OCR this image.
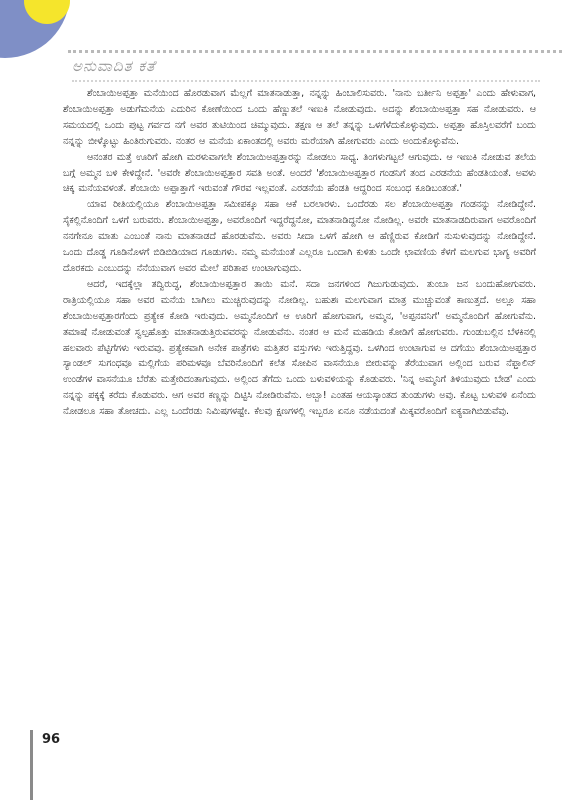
ಅನುವಾದಿತ ಕತೆ

ಶೆಂಬಾಯಿಅಪ್ಪತ್ತಾ ಮನೆಯಿಂದ ಹೊರಡುವಾಗ ಮೆಲ್ಲಗೆ ಮಾತನಾಡುತ್ತಾ, ನನ್ನನ್ನು ಹಿಂಬಾಲಿಸುವರು. 'ನಾನು ಬರ್ತೀನಿ ಅಪ್ಪತ್ತಾ' ಎಂದು ಹೇಳುವಾಗ, ಶೆಂಬಾಯಿಅಪ್ಪತ್ತಾ ಅಡುಗೆಮನೆಯ ಎದುರಿನ ಕೋಣೆಯಿಂದ ಒಂದು ಹೆಣ್ಣುತಲೆ ಇಣುಕಿ ನೋಡುವುದು. ಅದನ್ನು ಶೆಂಬಾಯಿಅಪ್ಪತ್ತಾ ಸಹ ನೋಡುವರು. ಆ ಸಮಯದಲ್ಲಿ ಒಂದು ಪುಟ್ಟ ಗರ್ವದ ನಗೆ ಅವರ ತುಟಿಯಿಂದ ಚಿಮ್ಮುವುದು. ತಕ್ಷಣ ಆ ತಲೆ ತನ್ನನ್ನು ಒಳಗೆಳೆದುಕೊಳ್ಳುವುದು. ಅಪ್ಪತ್ತಾ ಹೊಸ್ತಿಲವರೆಗೆ ಬಂದು ನನ್ನನ್ನು ಬೀಳ್ಕೊಟ್ಟು ಹಿಂತಿರುಗುವರು. ನಂತರ ಆ ಮನೆಯ ಏಕಾಂತದಲ್ಲಿ ಅವರು ಮರೆಯಾಗಿ ಹೋಗುವರು ಎಂದು ಅಂದುಕೊಳ್ಳುವೆನು.

ಆನಂತರ ಮತ್ತೆ ಊರಿಗೆ ಹೋಗಿ ಮರಳುವಾಗಲೇ ಶೆಂಬಾಯಿಅಪ್ಪತ್ತಾರನ್ನು ನೋಡಲು ಸಾಧ್ಯ. ತಿಂಗಳುಗಟ್ಟಲೆ ಆಗುವುದು. ಆ ಇಣುಕಿ ನೋಡುವ ತಲೆಯ ಬಗ್ಗೆ ಅಮ್ಮನ ಬಳಿ ಕೇಳಿದ್ದೇನೆ. 'ಅವರೇ ಶೆಂಬಾಯಿಅಪ್ಪತ್ತಾರ ಸವತಿ ಅಂತೆ. ಅಂದರೆ 'ಶೆಂಬಾಯಿಅಪ್ಪತ್ತಾರ ಗಂಡನಿಗೆ ತಂದ ಎರಡನೆಯ ಹೆಂಡತಿಯಂತೆ. ಅವಳು ಚಿಕ್ಕ ಮನೆಯವಳಂತೆ. ಶೆಂಬಾಯಿ ಅಪ್ಪಾತ್ತಾಗೆ ಇರುವಂತೆ ಗೌರವ ಇಲ್ಲವಂತೆ. ಎರಡನೆಯ ಹೆಂಡತಿ ಆದ್ದರಿಂದ ಸಂಬಂಧ ಕೂಡಿಬಂತಂತೆ.'

ಯಾವ ರೀತಿಯಲ್ಲಿಯೂ ಶೆಂಬಾಯಿಅಪ್ಪತ್ತಾ ಸಮೀಪಕ್ಕೂ ಸಹಾ ಆಕೆ ಬರಲಾರಳು. ಒಂದೆರಡು ಸಲ ಶೆಂಬಾಯಿಅಪ್ಪತ್ತಾ ಗಂಡನನ್ನು ನೋಡಿದ್ದೇನೆ. ಸೈಕಲ್ಲಿನೊಂದಿಗೆ ಒಳಗೆ ಬರುವರು. ಶೆಂಬಾಯಿಅಪ್ಪತ್ತಾ, ಅವರೊಂದಿಗೆ ಇದ್ದರೆದ್ದನೋ, ಮಾತನಾಡಿದ್ದನೋ ನೋಡಿಲ್ಲ. ಅವರೇ ಮಾತನಾಡದಿರುವಾಗ ಅವರೊಂದಿಗೆ ನನಗೇನೂ ಮಾತು ಎಂಬಂತೆ ನಾನು ಮಾತನಾಡದೆ ಹೊರಡುವೆನು. ಅವರು ಸೀದಾ ಒಳಗೆ ಹೋಗಿ ಆ ಹೆಣ್ಣಿರುವ ಕೋಡಿಗೆ ನುಸುಳುವುದನ್ನು ನೋಡಿದ್ದೇನೆ. ಒಂದು ದೊಡ್ಡ ಗೂಡಿನೊಳಗೆ ಬಿಡಿಬಿಡಿಯಾದ ಗೂಡುಗಳು. ನಮ್ಮ ಮನೆಯಂತೆ ಎಲ್ಲರೂ ಒಂದಾಗಿ ಕುಳಿತು ಒಂದೇ ಛಾವಣಿಯ ಕೆಳಗೆ ಮಲಗುವ ಭಾಗ್ಯ ಅವರಿಗೆ ದೊರಕದು ಎಂಬುದನ್ನು ನೆನೆಯುವಾಗ ಅವರ ಮೇಲೆ ಪರಿತಾಪ ಉಂಟಾಗುವುದು.

ಆದರೆ, ಇದಕ್ಕೆಲ್ಲಾ ತದ್ವಿರುದ್ಧ, ಶೆಂಬಾಯಿಅಪ್ಪತ್ತಾರ ತಾಯಿ ಮನೆ. ಸದಾ ಜನಗಳಿಂದ ಗಿಜುಗುಡುವುದು. ತುಂಬಾ ಜನ ಬಂದುಹೋಗುವರು. ರಾತ್ರಿಯಲ್ಲಿಯೂ ಸಹಾ ಅವರ ಮನೆಯ ಬಾಗಿಲು ಮುಚ್ಚಿರುವುದನ್ನು ನೋಡಿಲ್ಲ. ಬಹುಶಃ ಮಲಗುವಾಗ ಮಾತ್ರ ಮುಚ್ಚುವಂತೆ ಕಾಣುತ್ತದೆ. ಅಲ್ಲೂ ಸಹಾ ಶೆಂಬಾಯಿಅಪ್ಪತ್ತಾರಗೆಂದು ಪ್ರತ್ಯೇಕ ಕೋಡಿ ಇರುವುದು. ಅಮ್ಮನೊಂದಿಗೆ ಆ ಊರಿಗೆ ಹೋಗುವಾಗ, ಅಮ್ಮನ, 'ಅಪ್ಪನವನಿಗೆ' ಅಮ್ಮನೊಂದಿಗೆ ಹೋಗುವೆನು. ತಮಾಷೆ ನೋಡುವಂತೆ ಸ್ವಲ್ಪಹೊತ್ತು ಮಾತನಾಡುತ್ತಿರುವವರನ್ನು ನೋಡುವೆನು. ನಂತರ ಆ ಮನೆ ಮಹಡಿಯ ಕೋಡಿಗೆ ಹೋಗುವರು. ಗುಂಡುಬಲ್ಲಿನ ಬೆಳಕಿನಲ್ಲಿ ಹಲವಾರು ಪೆಟ್ಟಿಗೆಗಳು ಇರುವವು. ಪ್ರತ್ಯೇಕವಾಗಿ ಅನೇಕ ಪಾತ್ರೆಗಳು ಮತ್ತಿತರ ವಸ್ತುಗಳು ಇರುತ್ತಿದ್ದವು. ಒಳಗಿಂದ ಉಂಟಾಗುವ ಆ ದಗೆಯು ಶೆಂಬಾಯಿಅಪ್ಪತ್ತಾರ ಸ್ಯಾಂಡಲ್ ಸುಗಂಧವೂ ಮಲ್ಲಿಗೆಯ ಪರಿಮಳವೂ ಬೆವರಿನೊಂದಿಗೆ ಕಲೆತ ಸೋಪಿನ ವಾಸನೆಯೂ ಬೀರುವನ್ನು ತೆರೆಯುವಾಗ ಅಲ್ಲಿಂದ ಬರುವ ನೆಫ್ತಾಲಿನ್ ಉಂಡೆಗಳ ವಾಸನೆಯೂ ಬೆರೆತು ಮತ್ತೇರಿದಂತಾಗುವುದು. ಅಲ್ಲಿಂದ ತೆಗೆದು ಒಂದು ಬಳುವಳಿಯನ್ನು ಕೊಡುವರು. 'ನಿನ್ನ ಅಮ್ಮನಿಗೆ ತಿಳಿಯುವುದು ಬೇಡ' ಎಂದು ನನ್ನನ್ನು ಪಕ್ಕಕ್ಕೆ ಕರೆದು ಕೊಡುವರು. ಆಗ ಅವರ ಕಣ್ಣನ್ನು ದಿಟ್ಟಿಸಿ ನೋಡಿರುವೆನು. ಅಬ್ಬಾ! ಎಂತಹ ಆಯಸ್ಕಾಂತದ ತುಂಡುಗಳು ಅವು. ಕೊಟ್ಟ ಬಳುವಳಿ ಏನೆಂದು ನೋಡಲೂ ಸಹಾ ತೋಚದು. ಎಲ್ಲ ಒಂದೆರಡು ನಿಮಿಷಗಳಷ್ಟೇ. ಕೆಲವು ಕ್ಷಣಗಳಲ್ಲಿ ಇಬ್ಬರೂ ಏನೂ ನಡೆಯದಂತೆ ಮಿಕ್ಕವರೊಂದಿಗೆ ಐಕ್ಯವಾಗಿಬಿಡುವೆವು.

96
